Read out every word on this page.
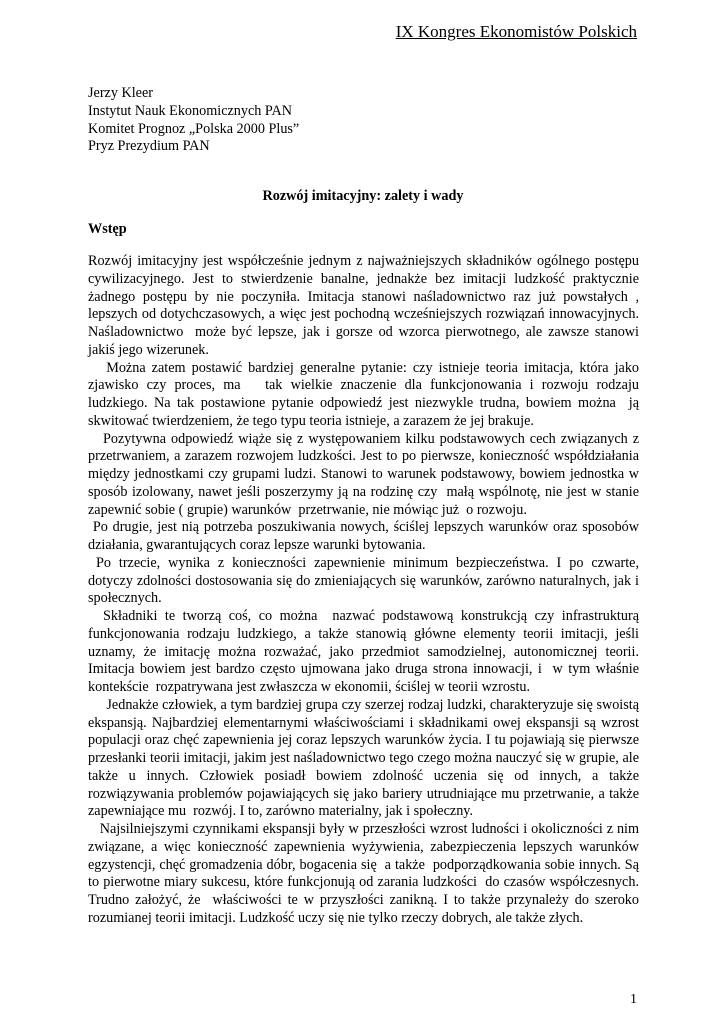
IX Kongres Ekonomistów Polskich
Jerzy Kleer
Instytut Nauk Ekonomicznych PAN
Komitet Prognoz „Polska 2000 Plus”
Pryz Prezydium PAN
Rozwój imitacyjny: zalety i wady
Wstęp

Rozwój imitacyjny jest współcześnie jednym z najważniejszych składników ogólnego postępu cywilizacyjnego. Jest to stwierdzenie banalne, jednakże bez imitacji ludzkość praktycznie żadnego postępu by nie poczyniła. Imitacja stanowi naśladownictwo raz już powstałych , lepszych od dotychczasowych, a więc jest pochodną wcześniejszych rozwiązań innowacyjnych. Naśladownictwo  może być lepsze, jak i gorsze od wzorca pierwotnego, ale zawsze stanowi jakiś jego wizerunek.

Można zatem postawić bardziej generalne pytanie: czy istnieje teoria imitacja, która jako zjawisko czy proces, ma   tak wielkie znaczenie dla funkcjonowania i rozwoju rodzaju ludzkiego. Na tak postawione pytanie odpowiedź jest niezwykle trudna, bowiem można  ją skwitować twierdzeniem, że tego typu teoria istnieje, a zarazem że jej brakuje.

Pozytywna odpowiedź wiąże się z występowaniem kilku podstawowych cech związanych z przetrwaniem, a zarazem rozwojem ludzkości. Jest to po pierwsze, konieczność współdziałania między jednostkami czy grupami ludzi. Stanowi to warunek podstawowy, bowiem jednostka w sposób izolowany, nawet jeśli poszerzymy ją na rodzinę czy  małą wspólnotę, nie jest w stanie zapewnić sobie ( grupie) warunków  przetrwanie, nie mówiąc już  o rozwoju.

Po drugie, jest nią potrzeba poszukiwania nowych, ściślej lepszych warunków oraz sposobów działania, gwarantujących coraz lepsze warunki bytowania.

Po trzecie, wynika z konieczności zapewnienie minimum bezpieczeństwa. I po czwarte, dotyczy zdolności dostosowania się do zmieniających się warunków, zarówno naturalnych, jak i społecznych.

Składniki te tworzą coś, co można  nazwać podstawową konstrukcją czy infrastrukturą funkcjonowania rodzaju ludzkiego, a także stanowią główne elementy teorii imitacji, jeśli uznamy, że imitację można rozważać, jako przedmiot samodzielnej, autonomicznej teorii. Imitacja bowiem jest bardzo często ujmowana jako druga strona innowacji, i  w tym właśnie kontekście  rozpatrywana jest zwłaszcza w ekonomii, ściślej w teorii wzrostu.

Jednakże człowiek, a tym bardziej grupa czy szerzej rodzaj ludzki, charakteryzuje się swoistą ekspansją. Najbardziej elementarnymi właściwościami i składnikami owej ekspansji są wzrost populacji oraz chęć zapewnienia jej coraz lepszych warunków życia. I tu pojawiają się pierwsze przesłanki teorii imitacji, jakim jest naśladownictwo tego czego można nauczyć się w grupie, ale także u innych. Człowiek posiadł bowiem zdolność uczenia się od innych, a także rozwiązywania problemów pojawiających się jako bariery utrudniające mu przetrwanie, a także zapewniające mu  rozwój. I to, zarówno materialny, jak i społeczny.

Najsilniejszymi czynnikami ekspansji były w przeszłości wzrost ludności i okoliczności z nim związane, a więc konieczność zapewnienia wyżywienia, zabezpieczenia lepszych warunków egzystencji, chęć gromadzenia dóbr, bogacenia się  a także  podporządkowania sobie innych. Są to pierwotne miary sukcesu, które funkcjonują od zarania ludzkości  do czasów współczesnych. Trudno założyć, że  właściwości te w przyszłości zanikną. I to także przynależy do szeroko rozumianej teorii imitacji. Ludzkość uczy się nie tylko rzeczy dobrych, ale także złych.

1
